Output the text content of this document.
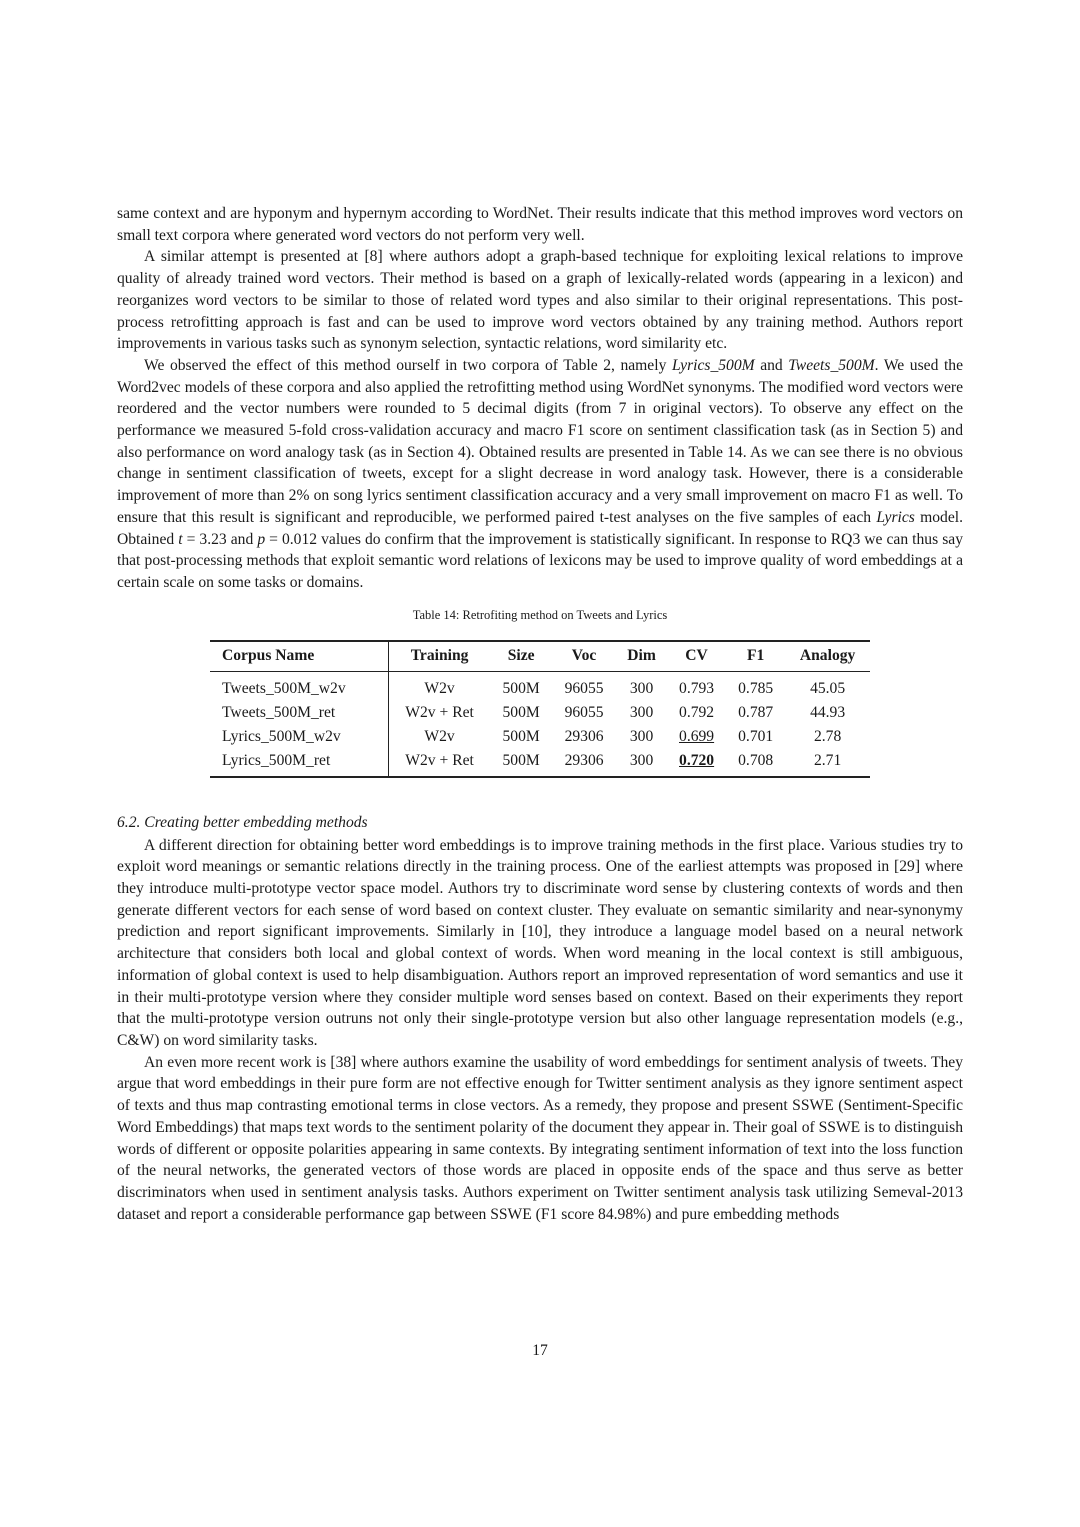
same context and are hyponym and hypernym according to WordNet. Their results indicate that this method improves word vectors on small text corpora where generated word vectors do not perform very well.

A similar attempt is presented at [8] where authors adopt a graph-based technique for exploiting lexical relations to improve quality of already trained word vectors. Their method is based on a graph of lexically-related words (appearing in a lexicon) and reorganizes word vectors to be similar to those of related word types and also similar to their original representations. This post-process retrofitting approach is fast and can be used to improve word vectors obtained by any training method. Authors report improvements in various tasks such as synonym selection, syntactic relations, word similarity etc.

We observed the effect of this method ourself in two corpora of Table 2, namely Lyrics_500M and Tweets_500M. We used the Word2vec models of these corpora and also applied the retrofitting method using WordNet synonyms. The modified word vectors were reordered and the vector numbers were rounded to 5 decimal digits (from 7 in original vectors). To observe any effect on the performance we measured 5-fold cross-validation accuracy and macro F1 score on sentiment classification task (as in Section 5) and also performance on word analogy task (as in Section 4). Obtained results are presented in Table 14. As we can see there is no obvious change in sentiment classification of tweets, except for a slight decrease in word analogy task. However, there is a considerable improvement of more than 2% on song lyrics sentiment classification accuracy and a very small improvement on macro F1 as well. To ensure that this result is significant and reproducible, we performed paired t-test analyses on the five samples of each Lyrics model. Obtained t = 3.23 and p = 0.012 values do confirm that the improvement is statistically significant. In response to RQ3 we can thus say that post-processing methods that exploit semantic word relations of lexicons may be used to improve quality of word embeddings at a certain scale on some tasks or domains.

Table 14: Retrofiting method on Tweets and Lyrics
Corpus Name	Training	Size	Voc	Dim	CV	F1	Analogy
Tweets_500M_w2v	W2v	500M	96055	300	0.793	0.785	45.05
Tweets_500M_ret	W2v + Ret	500M	96055	300	0.792	0.787	44.93
Lyrics_500M_w2v	W2v	500M	29306	300	0.699	0.701	2.78
Lyrics_500M_ret	W2v + Ret	500M	29306	300	0.720	0.708	2.71
6.2. Creating better embedding methods

A different direction for obtaining better word embeddings is to improve training methods in the first place. Various studies try to exploit word meanings or semantic relations directly in the training process. One of the earliest attempts was proposed in [29] where they introduce multi-prototype vector space model. Authors try to discriminate word sense by clustering contexts of words and then generate different vectors for each sense of word based on context cluster. They evaluate on semantic similarity and near-synonymy prediction and report significant improvements. Similarly in [10], they introduce a language model based on a neural network architecture that considers both local and global context of words. When word meaning in the local context is still ambiguous, information of global context is used to help disambiguation. Authors report an improved representation of word semantics and use it in their multi-prototype version where they consider multiple word senses based on context. Based on their experiments they report that the multi-prototype version outruns not only their single-prototype version but also other language representation models (e.g., C&W) on word similarity tasks.

An even more recent work is [38] where authors examine the usability of word embeddings for sentiment analysis of tweets. They argue that word embeddings in their pure form are not effective enough for Twitter sentiment analysis as they ignore sentiment aspect of texts and thus map contrasting emotional terms in close vectors. As a remedy, they propose and present SSWE (Sentiment-Specific Word Embeddings) that maps text words to the sentiment polarity of the document they appear in. Their goal of SSWE is to distinguish words of different or opposite polarities appearing in same contexts. By integrating sentiment information of text into the loss function of the neural networks, the generated vectors of those words are placed in opposite ends of the space and thus serve as better discriminators when used in sentiment analysis tasks. Authors experiment on Twitter sentiment analysis task utilizing Semeval-2013 dataset and report a considerable performance gap between SSWE (F1 score 84.98%) and pure embedding methods

17
